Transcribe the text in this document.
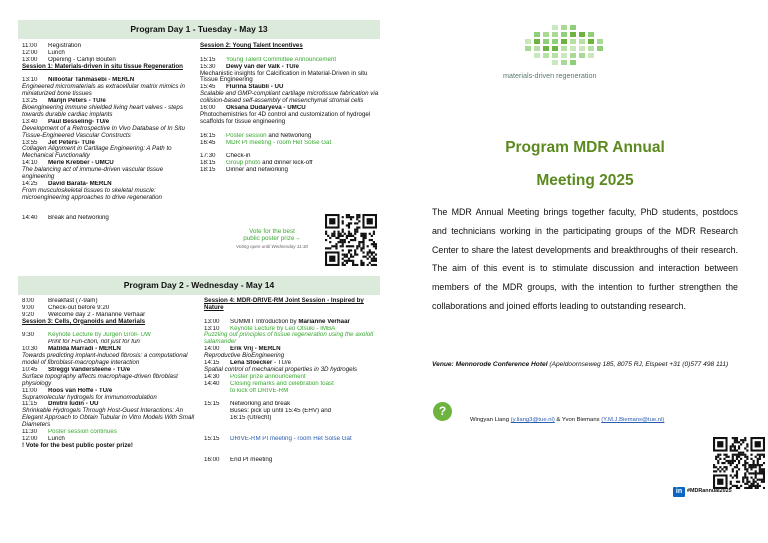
Program Day 1 - Tuesday - May 13
11:00 Registration
12:00 Lunch
13:00 Opening - Carlijn Bouten
Session 1: Materials-driven in situ tissue Regeneration
13:10 Nilloofar Tahmasebi - MERLN
Engineered micromaterials as extracellular matrix mimics in miniaturized bone tissues
13:25 Marijn Peters - TU/e
Bioengineering immune shielded living heart valves - steps towards durable cardiac implants
13:40 Paul Besseling- TU/e
Development of a Retrospective In Vivo Database of In Situ Tissue-Engineered Vascular Constructs
13:55 Jet Peters- TU/e
Collagen Alignment in Cartilage Engineering: A Path to Mechanical Functionality
14:10 Merle Krebber - UMCU
The balancing act of immune-driven vascular tissue engineering
14:25 David Barata- MERLN
From musculoskeletal tissues to skeletal muscle: microengineering approaches to drive regeneration
14:40 Break and Networking
Session 2: Young Talent Incentives
15:15 Young Talent Committee Announcement
15:30 Dewy van der Valk - TU/e
Mechanistic insights for Calcification in Material-Driven in situ Tissue Engineering
15:45 Flurina Staubli - UU
Scalable and GMP-compliant cartilage microtissue fabrication via collision-based self-assembly of mesenchymal stromal cells
16:00 Oksana Dudaryeva - UMCU
Photochemistries for 4D control and customization of hydrogel scaffolds for tissue engineering
16:15 Poster session and Networking
16:45 MDR PI meeting - room Het Solse Gat
17:30 Check-in
18:15 Group photo and dinner kick-off
18:15 Dinner and networking
Vote for the best
public poster prize→
Voting open until Wednesday 11:30
Program Day 2 - Wednesday - May 14
8:00 Breakfast (7-9am)
9:00 Check-out before 9:20
9:20 Welcome day 2 - Marianne Verhaar
Session 3: Cells, Organoids and Materials
9:30 Keynote Lecture by Jürgen Groll- UW
Print for Fun-ction, not just for fun
10:30 Matilda Marradi - MERLN
Towards predicting implant-induced fibrosis: a computational model of fibroblast-macrophage interaction
10:45 Streggi Vandersteene - TU/e
Surface topography affects macrophage-driven fibroblast physiology
11:00 Roos van Hoffe - TU/e
Supramolecular hydrogels for immunomodulation
11:15 Dmitrii Iudin - UU
Shrinkable Hydrogels Through Host-Guest Interactions: An Elegant Approach to Obtain Tubular In Vitro Models With Small Diameters
11:30 Poster session continues
12:00 Lunch
! Vote for the best public poster prize!
Session 4: MDR-DRIVE-RM Joint Session - Inspired by Nature
13:00 SUMMIT Introduction by Marianne Verhaar
13:10 Keynote Lecture by Leo Otsuki - IMBA
Puzzling out principles of tissue regeneration using the axolotl salamander
14:00 Erik Vrij - MERLN
Reproductive BioEngineering
14:15 Lena Stoecker - TU/e
Spatial control of mechanical properties in 3D hydrogels
14:30 Poster prize announcement
14:40 Closing remarks and celebration toast
to kick off DRIVE-RM
15:15 Networking and break
Buses: pick up until 15:45 (EHV) and
16:15 (Utrecht)
15:15 DRIVE-RM PI meeting - room Het Solse Gat
16:00 End PI meeting
materials-driven regeneration
Program MDR Annual
Meeting 2025
The MDR Annual Meeting brings together faculty, PhD students, postdocs and technicians working in the participating groups of the MDR Research Center to share the latest developments and breakthroughs of their research. The aim of this event is to stimulate discussion and interaction between members of the MDR groups, with the intention to further strengthen the collaborations and joined efforts leading to outstanding research.
Venue: Mennorode Conference Hotel (Apeldoornseweg 185, 8075 RJ, Elspeet +31 (0)577 498 111)
?
Wingyan Liang (y.liang3@tue.nl) & Yvon Biemans (Y.M.J.Biemans@tue.nl)
in #MDRannual2025
